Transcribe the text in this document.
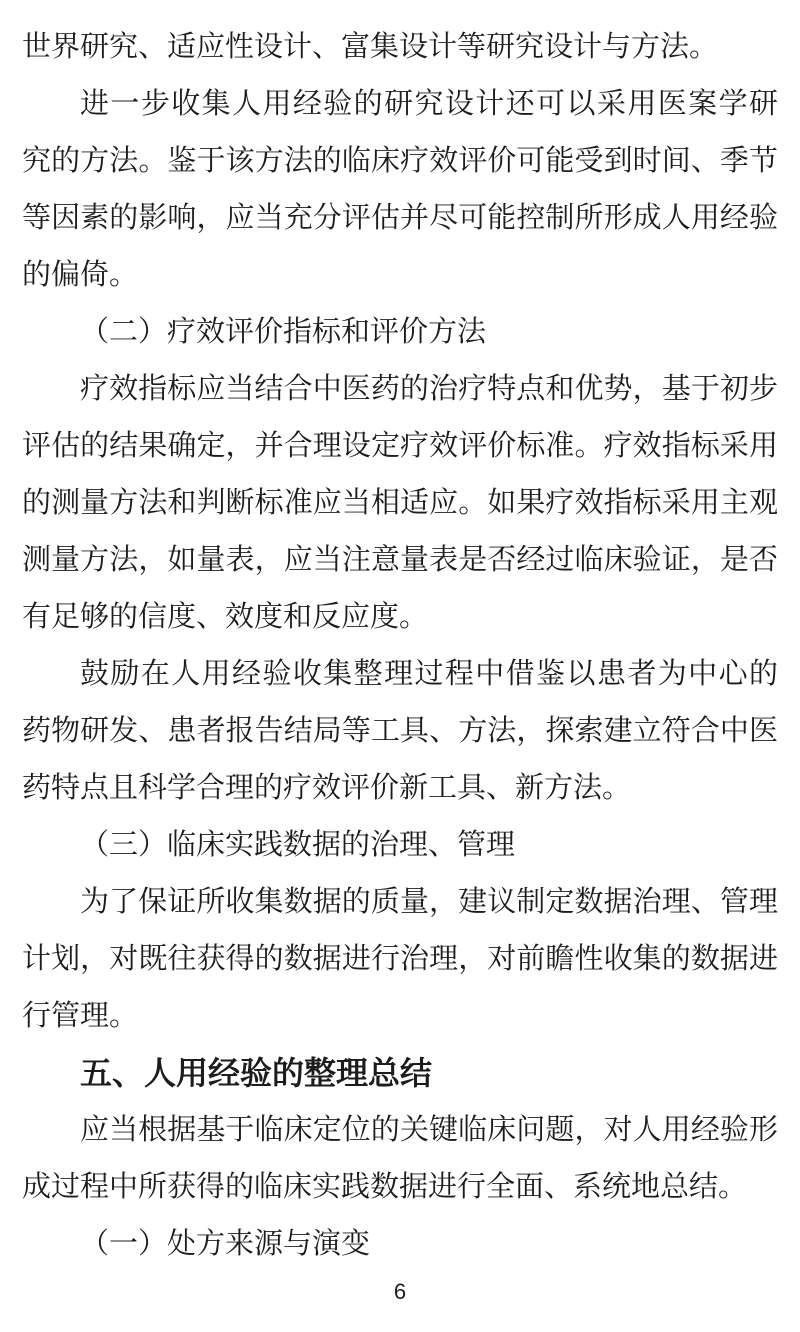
世界研究、适应性设计、富集设计等研究设计与方法。
进一步收集人用经验的研究设计还可以采用医案学研
究的方法。鉴于该方法的临床疗效评价可能受到时间、季节
等因素的影响，应当充分评估并尽可能控制所形成人用经验
的偏倚。
（二）疗效评价指标和评价方法
疗效指标应当结合中医药的治疗特点和优势，基于初步
评估的结果确定，并合理设定疗效评价标准。疗效指标采用
的测量方法和判断标准应当相适应。如果疗效指标采用主观
测量方法，如量表，应当注意量表是否经过临床验证，是否
有足够的信度、效度和反应度。
鼓励在人用经验收集整理过程中借鉴以患者为中心的
药物研发、患者报告结局等工具、方法，探索建立符合中医
药特点且科学合理的疗效评价新工具、新方法。
（三）临床实践数据的治理、管理
为了保证所收集数据的质量，建议制定数据治理、管理
计划，对既往获得的数据进行治理，对前瞻性收集的数据进
行管理。
五、人用经验的整理总结
应当根据基于临床定位的关键临床问题，对人用经验形
成过程中所获得的临床实践数据进行全面、系统地总结。
（一）处方来源与演变
6
